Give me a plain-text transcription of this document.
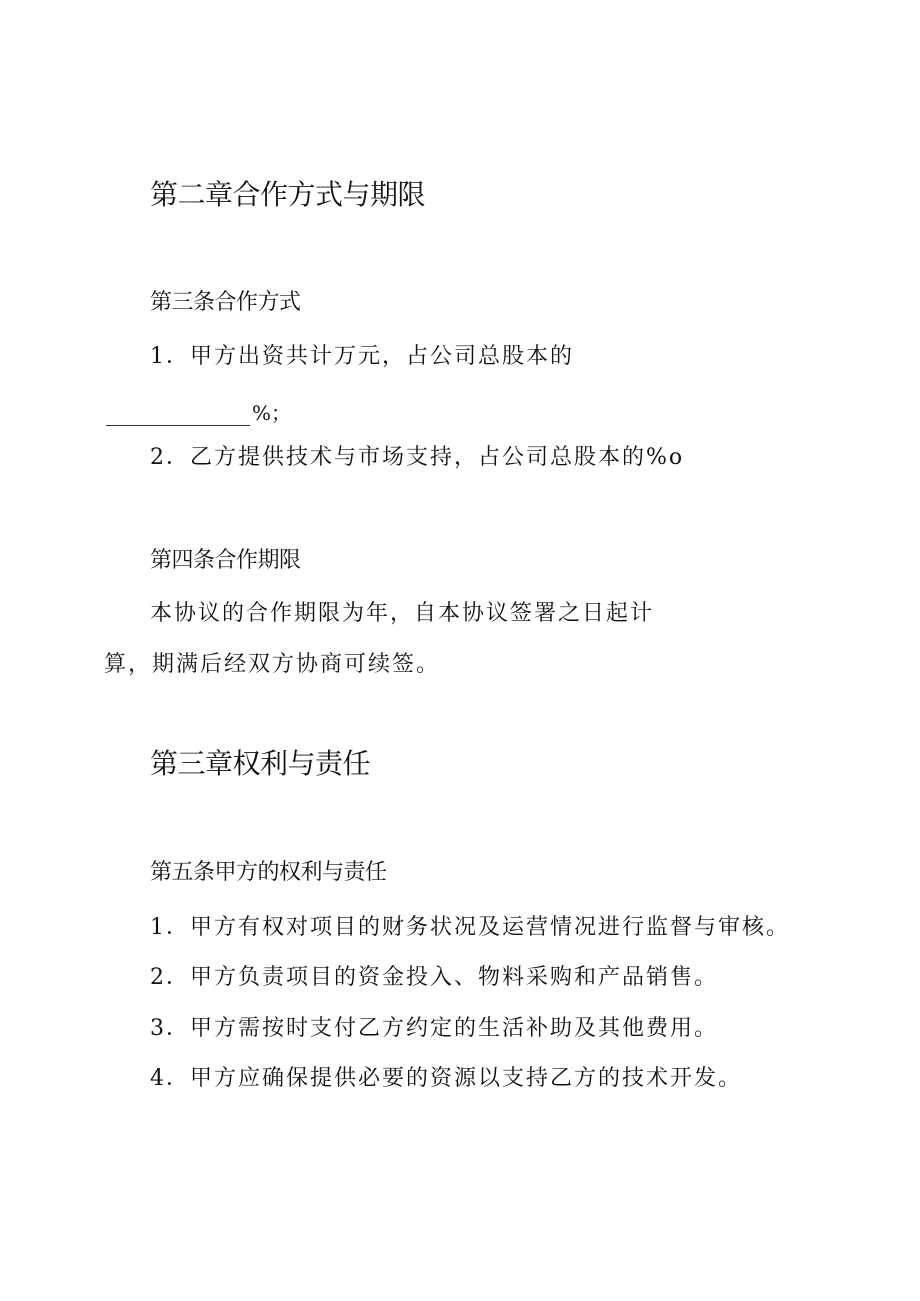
第二章合作方式与期限
第三条合作方式
1．甲方出资共计万元，占公司总股本的
%；
2．乙方提供技术与市场支持，占公司总股本的%o
第四条合作期限
本协议的合作期限为年，自本协议签署之日起计
算，期满后经双方协商可续签。
第三章权利与责任
第五条甲方的权利与责任
1．甲方有权对项目的财务状况及运营情况进行监督与审核。
2．甲方负责项目的资金投入、物料采购和产品销售。
3．甲方需按时支付乙方约定的生活补助及其他费用。
4．甲方应确保提供必要的资源以支持乙方的技术开发。
